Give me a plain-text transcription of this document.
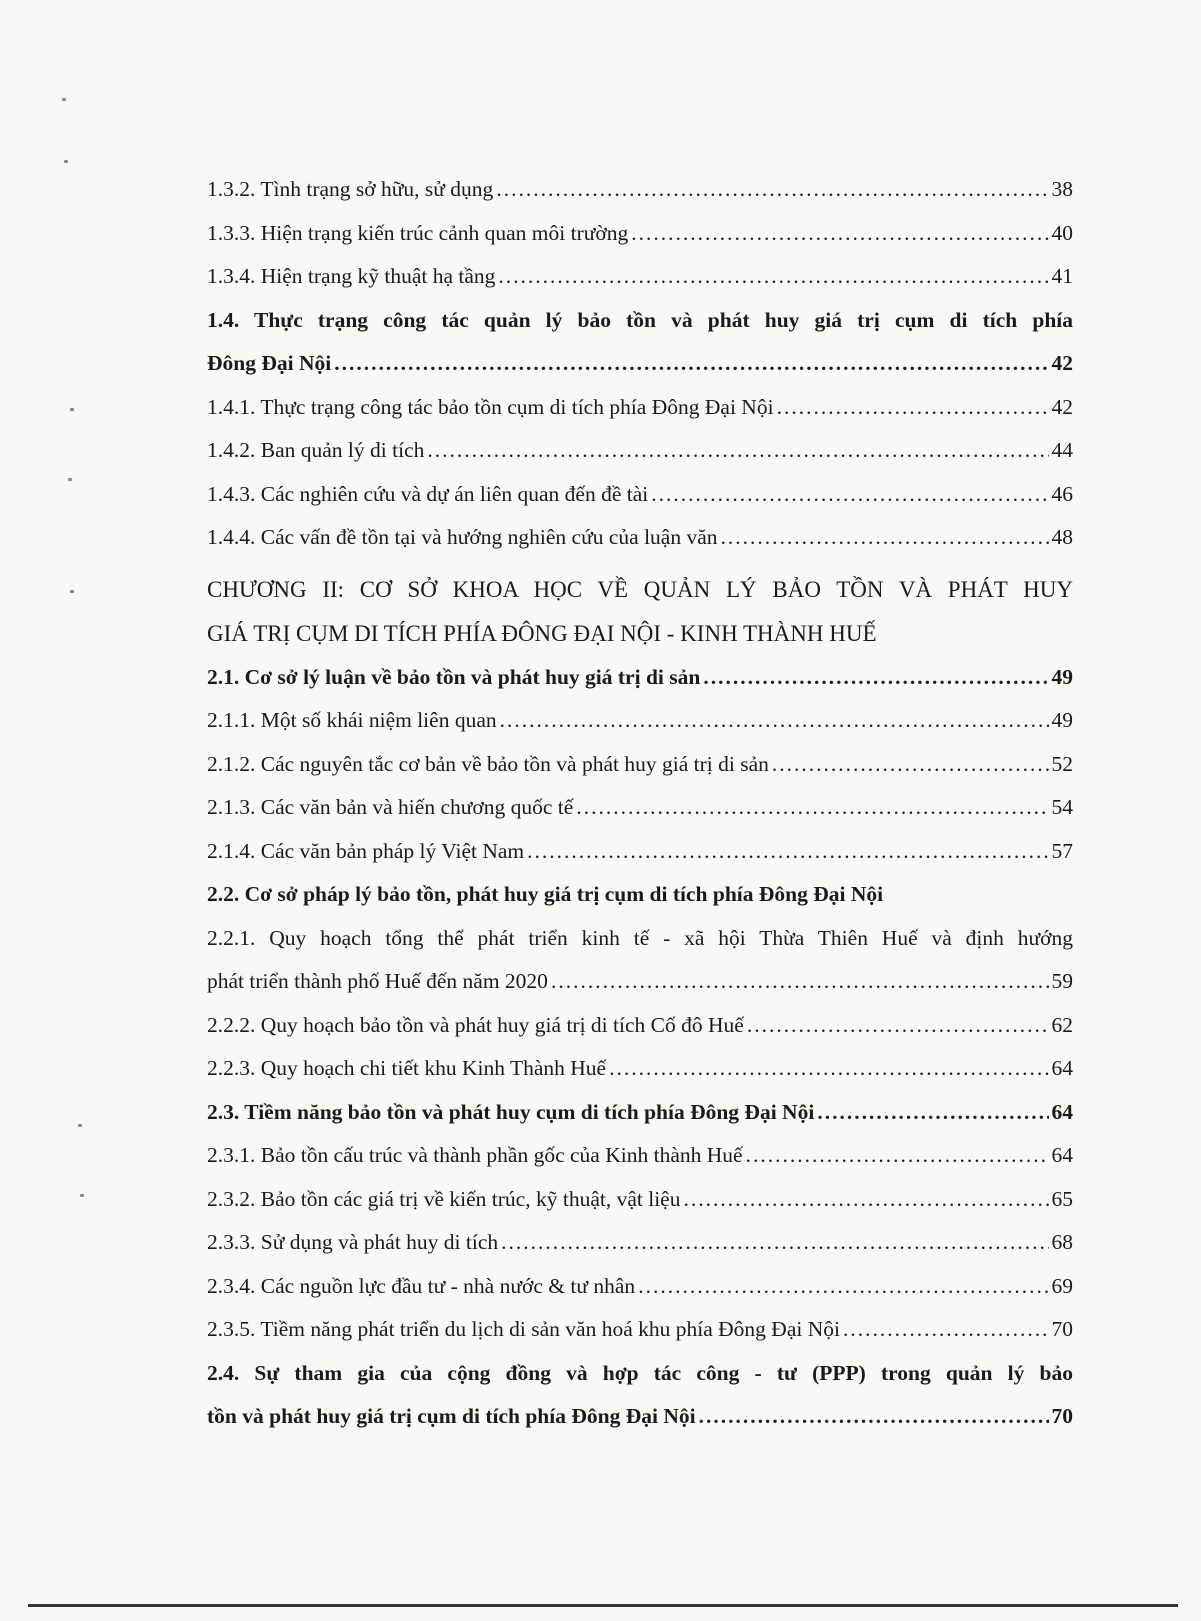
1.3.2. Tình trạng sở hữu, sử dụng .....	38
1.3.3. Hiện trạng kiến trúc cảnh quan môi trường .....	40
1.3.4. Hiện trạng kỹ thuật hạ tầng .....	41
1.4. Thực trạng công tác quản lý bảo tồn và phát huy giá trị cụm di tích phía
Đông Đại Nội .....	42
1.4.1. Thực trạng công tác bảo tồn cụm di tích phía Đông Đại Nội .....	42
1.4.2. Ban quản lý di tích .....	44
1.4.3. Các nghiên cứu và dự án liên quan đến đề tài .....	46
1.4.4. Các vấn đề tồn tại và hướng nghiên cứu của luận văn .....	48
CHƯƠNG II: CƠ SỞ KHOA HỌC VỀ QUẢN LÝ BẢO TỒN VÀ PHÁT HUY
GIÁ TRỊ CỤM DI TÍCH PHÍA ĐÔNG ĐẠI NỘI - KINH THÀNH HUẾ
2.1. Cơ sở lý luận về bảo tồn và phát huy giá trị di sản .....	49
2.1.1. Một số khái niệm liên quan .....	49
2.1.2. Các nguyên tắc cơ bản về bảo tồn và phát huy giá trị di sản .....	52
2.1.3. Các văn bản và hiến chương quốc tế .....	54
2.1.4. Các văn bản pháp lý Việt Nam .....	57
2.2. Cơ sở pháp lý bảo tồn, phát huy giá trị cụm di tích phía Đông Đại Nội
2.2.1. Quy hoạch tổng thể phát triển kinh tế - xã hội Thừa Thiên Huế và định hướng
phát triển thành phố Huế đến năm 2020 .....	59
2.2.2. Quy hoạch bảo tồn và phát huy giá trị di tích Cố đô Huế .....	62
2.2.3. Quy hoạch chi tiết khu Kinh Thành Huế .....	64
2.3. Tiềm năng bảo tồn và phát huy cụm di tích phía Đông Đại Nội .....	64
2.3.1. Bảo tồn cấu trúc và thành phần gốc của Kinh thành Huế .....	64
2.3.2. Bảo tồn các giá trị về kiến trúc, kỹ thuật, vật liệu .....	65
2.3.3. Sử dụng và phát huy di tích .....	68
2.3.4. Các nguồn lực đầu tư - nhà nước & tư nhân .....	69
2.3.5. Tiềm năng phát triển du lịch di sản văn hoá khu phía Đông Đại Nội .....	70
2.4. Sự tham gia của cộng đồng và hợp tác công - tư (PPP) trong quản lý bảo
tồn và phát huy giá trị cụm di tích phía Đông Đại Nội .....	70
